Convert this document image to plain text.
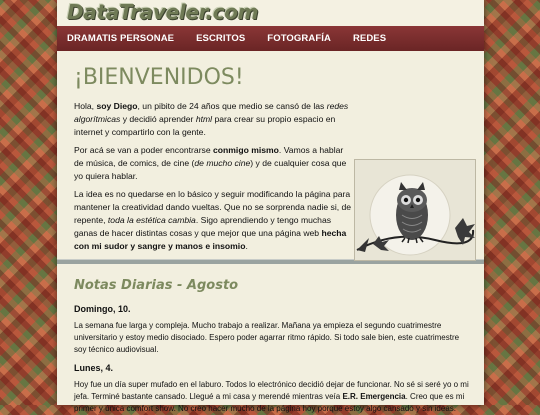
DataTraveler.com
DRAMATIS PERSONAE ESCRITOS FOTOGRAFÍA REDES
¡BIENVENIDOS!

Hola, soy Diego, un pibito de 24 años que medio se cansó de las redes algorítmicas y decidió aprender html para crear su propio espacio en internet y compartirlo con la gente.

Por acá se van a poder encontrarse conmigo mismo. Vamos a hablar de música, de comics, de cine (de mucho cine) y de cualquier cosa que yo quiera hablar.

La idea es no quedarse en lo básico y seguir modificando la página para mantener la creatividad dando vueltas. Que no se sorprenda nadie si, de repente, toda la estética cambia. Sigo aprendiendo y tengo muchas ganas de hacer distintas cosas y que mejor que una página web hecha con mi sudor y sangre y manos e insomio.

Notas Diarias - Agosto

Domingo, 10.

La semana fue larga y compleja. Mucho trabajo a realizar. Mañana ya empieza el segundo cuatrimestre universitario y estoy medio disociado. Espero poder agarrar ritmo rápido. Si todo sale bien, este cuatrimestre soy técnico audiovisual.

Lunes, 4.

Hoy fue un día super mufado en el laburo. Todos lo electrónico decidió dejar de funcionar. No sé si seré yo o mi jefa. Terminé bastante cansado. Llegué a mi casa y merendé mientras veía E.R. Emergencia. Creo que es mi primer y única comfort show. No creo hacer mucho de la página hoy porque estoy algo cansado y sin ideas.
